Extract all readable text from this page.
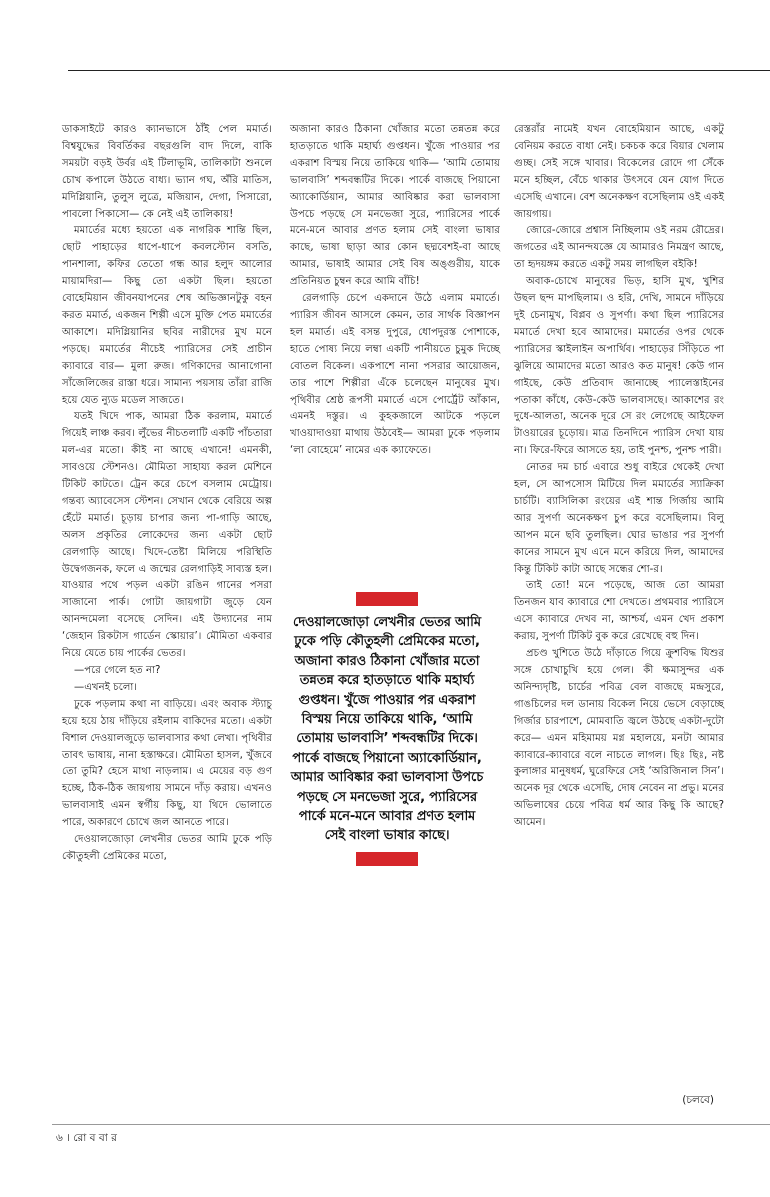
ডাকসাইটে কারও ক্যানভাসে ঠাঁই পেল মমার্ত। বিশ্বযুদ্ধের বিবর্তিকর বছরগুলি বাদ দিলে, বাকি সময়টা বড়ই উর্বর এই টিলাভূমি, তালিকাটা শুনলে চোখ কপালে উঠতে বাধ্য। ভ্যান গঘ, অঁরি মাতিস, মদিগ্লিয়ানি, তুলুস লুত্রে, মজিয়ান, দেগা, পিসারো, পাবলো পিকাসো— কে নেই এই তালিকায়!

মমার্তের মধ্যে হয়তো এক নাগরিক শান্তি ছিল, ছোট পাহাড়ের ধাপে-ধাপে কবলস্টোন বসতি, পানশালা, কফির তেতো গন্ধ আর হলুদ আলোর মায়ামদিরা— কিছু তো একটা ছিল। হয়তো বোহেমিয়ান জীবনযাপনের শেষ অভিজ্ঞানটুকু বহন করত মমার্ত, একজন শিল্পী এসে মুক্তি পেত মমার্তের আকাশে। মদিগ্লিয়ানির ছবির নারীদের মুখ মনে পড়ছে। মমার্তের নীচেই প্যারিসের সেই প্রাচীন ক্যাবারে বার— মুলা রুজ। গণিকাদের আনাগোনা সাঁজেলিজের রাস্তা ধরে। সামান্য পয়সায় তাঁরা রাজি হয়ে যেত ন্যুড মডেল সাজতে।

যতই খিদে পাক, আমরা ঠিক করলাম, মমার্তে গিয়েই লাঞ্চ করব। লুঁভের নীচতলাটি একটি পাঁচতারা মল-এর মতো। কীই না আছে এখানে! এমনকী, সাবওয়ে স্টেশনও। মৌমিতা সাহায্য করল মেশিনে টিকিট কাটতে। ট্রেন করে চেপে বসলাম মেট্রোয়। গন্তব্য অ্যাবেসেস স্টেশন। সেখান থেকে বেরিয়ে অল্প হেঁটে মমার্ত। চূড়ায় চাপার জন্য পা-গাড়ি আছে, অলস প্রকৃতির লোকেদের জন্য একটা ছোট রেলগাড়ি আছে। খিদে-তেষ্টা মিলিয়ে পরিস্থিতি উদ্বেগজনক, ফলে এ জন্মের রেলগাড়িই সাব্যস্ত হল। যাওয়ার পথে পড়ল একটা রঙিন গানের পসরা সাজানো পার্ক। গোটা জায়গাটা জুড়ে যেন আনন্দমেলা বসেছে সেদিন। এই উদ্যানের নাম ‘জেহান রিকটাস গার্ডেন স্কোয়ার’। মৌমিতা একবার নিয়ে যেতে চায় পার্কের ভেতর।

—পরে গেলে হত না?

—এখনই চলো।

ঢুকে পড়লাম কথা না বাড়িয়ে। এবং অবাক স্ট্যাচু হয়ে হয়ে ঠায় দাঁড়িয়ে রইলাম বাকিদের মতো। একটা বিশাল দেওয়ালজুড়ে ভালবাসার কথা লেখা। পৃথিবীর তাবৎ ভাষায়, নানা হস্তাক্ষরে। মৌমিতা হাসল, খুঁজবে তো তুমি? হেসে মাথা নাড়লাম। এ মেয়ের বড় গুণ হচ্ছে, ঠিক-ঠিক জায়গায় সামনে দাঁড় করায়। এখনও ভালবাসাই এমন স্বর্গীয় কিছু, যা থিদে ভোলাতে পারে, অকারণে চোখে জল আনতে পারে।

দেওয়ালজোড়া লেখনীর ভেতর আমি ঢুকে পড়ি কৌতুহলী প্রেমিকের মতো,

অজানা কারও ঠিকানা খোঁজার মতো তন্নতন্ন করে হাতড়াতে থাকি মহার্ঘ্য গুপ্তধন। খুঁজে পাওয়ার পর একরাশ বিস্ময় নিয়ে তাকিয়ে থাকি— ‘আমি তোমায় ভালবাসি’ শব্দবন্ধটির দিকে। পার্কে বাজছে পিয়ানো অ্যাকোর্ডিয়ান, আমার আবিষ্কার করা ভালবাসা উপচে পড়ছে সে মনভেজা সুরে, প্যারিসের পার্কে মনে-মনে আবার প্রণত হলাম সেই বাংলা ভাষার কাছে, ভাষা ছাড়া আর কোন ছদ্মবেশই-বা আছে আমার, ভাষাই আমার সেই বিষ অঙ্গুরীয়, যাকে প্রতিনিয়ত চুম্বন করে আমি বাঁচি!

রেলগাড়ি চেপে একদানে উঠে এলাম মমার্তে। প্যারিস জীবন আসলে কেমন, তার সার্থক বিজ্ঞাপন হল মমার্ত। এই বসন্ত দুপুরে, ধোপদুরস্ত পোশাকে, হাতে পোষ্য নিয়ে লম্বা একটি পানীয়তে চুমুক দিচ্ছে বোতল বিকেল। একপাশে নানা পসরার আয়োজন, তার পাশে শিল্পীরা এঁকে চলেছেন মানুষের মুখ। পৃথিবীর শ্রেষ্ঠ রূপসী মমার্তে এসে পোর্ট্রেট আঁকান, এমনই দস্তুর। এ কুহকজালে আটকে পড়লে খাওয়াদাওয়া মাথায় উঠবেই— আমরা ঢুকে পড়লাম ‘লা বোহেমে’ নামের এক ক্যাফেতে।

দেওয়ালজোড়া লেখনীর ভেতর আমি ঢুকে পড়ি কৌতুহলী প্রেমিকের মতো, অজানা কারও ঠিকানা খোঁজার মতো তন্নতন্ন করে হাতড়াতে থাকি মহার্ঘ্য গুপ্তধন। খুঁজে পাওয়ার পর একরাশ বিস্ময় নিয়ে তাকিয়ে থাকি, ‘আমি তোমায় ভালবাসি’ শব্দবন্ধটির দিকে। পার্কে বাজছে পিয়ানো অ্যাকোর্ডিয়ান, আমার আবিষ্কার করা ভালবাসা উপচে পড়ছে সে মনভেজা সুরে, প্যারিসের পার্কে মনে-মনে আবার প্রণত হলাম সেই বাংলা ভাষার কাছে।

রেস্তরাঁর নামেই যখন বোহেমিয়ান আছে, একটু বেনিয়ম করতে বাধা নেই। চকচক করে বিয়ার খেলাম গুচ্ছ। সেই সঙ্গে খাবার। বিকেলের রোদে গা সেঁকে মনে হচ্ছিল, বেঁচে থাকার উৎসবে যেন যোগ দিতে এসেছি এখানে। বেশ অনেকক্ষণ বসেছিলাম ওই একই জায়গায়।

জোরে-জোরে প্রশ্বাস নিচ্ছিলাম ওই নরম রৌদ্রের। জগতের এই আনন্দযজ্ঞে যে আমারও নিমন্ত্রণ আছে, তা হৃদয়ঙ্গম করতে একটু সময় লাগছিল বইকি!

অবাক-চোখে মানুষের ভিড়, হাসি মুখ, খুশির উছল ছন্দ মাপছিলাম। ও হরি, দেখি, সামনে দাঁড়িয়ে দুই চেনামুখ, বিপ্লব ও সুপর্ণা। কথা ছিল প্যারিসের মমার্তে দেখা হবে আমাদের। মমার্তের ওপর থেকে প্যারিসের স্কাইলাইন অপার্থিব। পাহাড়ের সিঁড়িতে পা ঝুলিয়ে আমাদের মতো আরও কত মানুষ! কেউ গান গাইছে, কেউ প্রতিবাদ জানাচ্ছে প্যালেস্তাইনের পতাকা কাঁধে, কেউ-কেউ ভালবাসছে। আকাশের রং দুধে-আলতা, অনেক দূরে সে রং লেগেছে আইফেল টাওয়ারের চূড়োয়। মাত্র তিনদিনে প্যারিস দেখা যায় না। ফিরে-ফিরে আসতে হয়, তাই পুনশ্চ, পুনশ্চ পারী।

নোতর দম চার্চ এবারে শুধু বাইরে থেকেই দেখা হল, সে আপসোস মিটিয়ে দিল মমার্তের স্যাক্রিকা চার্চটি। ব্যাসিলিকা রংয়ের এই শান্ত গির্জায় আমি আর সুপর্ণা অনেকক্ষণ চুপ করে বসেছিলাম। বিলু আপন মনে ছবি তুলছিল। ঘোর ভাঙার পর সুপর্ণা কানের সামনে মুখ এনে মনে করিয়ে দিল, আমাদের কিন্তু টিকিট কাটা আছে সন্ধের শো-র।

তাই তো! মনে পড়েছে, আজ তো আমরা তিনজন যাব ক্যাবারে শো দেখতে। প্রথমবার প্যারিসে এসে ক্যাবারে দেখব না, আশ্চর্য, এমন খেদ প্রকাশ করায়, সুপর্ণা টিকিট বুক করে রেখেছে বহু দিন।

প্রচণ্ড খুশিতে উঠে দাঁড়াতে গিয়ে ক্রুশবিদ্ধ যিশুর সঙ্গে চোখাচুখি হয়ে গেল। কী ক্ষমাসুন্দর এক অনিন্দ্যদৃষ্টি, চার্চের পবিত্র বেল বাজছে মন্দ্রসুরে, গাঙচিলের দল ডানায় বিকেল নিয়ে ভেসে বেড়াচ্ছে গির্জার চারপাশে, মোমবাতি জ্বলে উঠছে একটা-দুটো করে— এমন মহিমাময় মগ্ন মহালয়ে, মনটা আমার ক্যাবারে-ক্যাবারে বলে নাচতে লাগল। ছিঃ ছিঃ, নষ্ট কুলাঙ্গার মানুষধর্ম, ঘুরেফিরে সেই ‘অরিজিনাল সিন’। অনেক দূর থেকে এসেছি, দোষ নেবেন না প্রভু। মনের অভিলাষের চেয়ে পবিত্র ধর্ম আর কিছু কি আছে? আমেন।

(চলবে)
৬ । রো ব বা র
